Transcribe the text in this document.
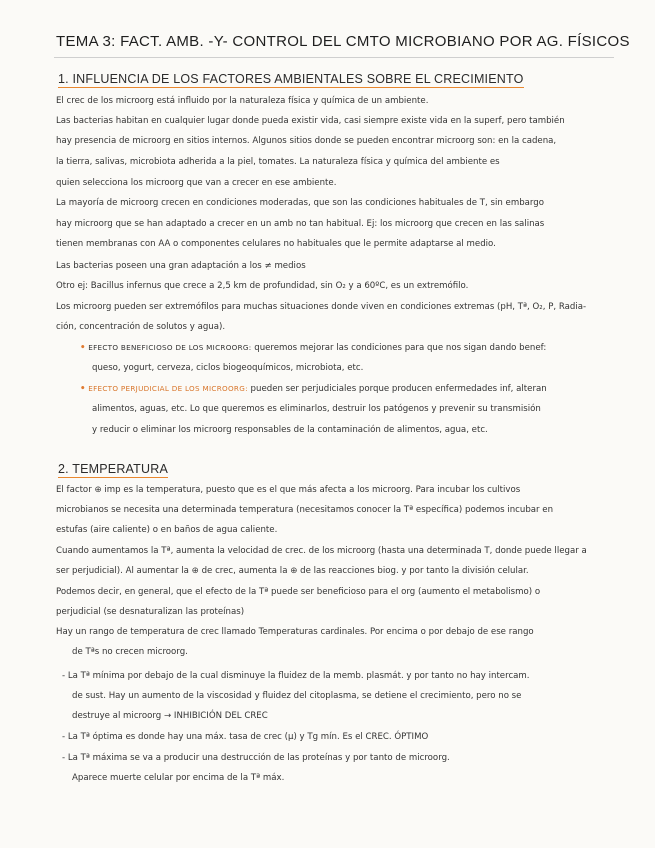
TEMA 3: FACT. AMB. -Y- CONTROL DEL CMTO MICROBIANO POR AG. FÍSICOS
1. INFLUENCIA DE LOS FACTORES AMBIENTALES SOBRE EL CRECIMIENTO
El crec de los microorg está influido por la naturaleza física y química de un ambiente.
Las bacterias habitan en cualquier lugar donde pueda existir vida, casi siempre existe vida en la superf, pero también
hay presencia de microorg en sitios internos. Algunos sitios donde se pueden encontrar microorg son: en la cadena,
la tierra, salivas, microbiota adherida a la piel, tomates. La naturaleza física y química del ambiente es
quien selecciona los microorg que van a crecer en ese ambiente.
La mayoría de microorg crecen en condiciones moderadas, que son las condiciones habituales de T, sin embargo
hay microorg que se han adaptado a crecer en un amb no tan habitual. Ej: los microorg que crecen en las salinas
tienen membranas con AA o componentes celulares no habituales que le permite adaptarse al medio.
Las bacterias poseen una gran adaptación a los ≠ medios
Otro ej: Bacillus infernus que crece a 2,5 km de profundidad, sin O₂ y a 60ºC, es un extremófilo.
Los microorg pueden ser extremófilos para muchas situaciones donde viven en condiciones extremas (pH, Tª, O₂, P, Radia-
ción, concentración de solutos y agua).
• EFECTO BENEFICIOSO DE LOS MICROORG: queremos mejorar las condiciones para que nos sigan dando benef:
queso, yogurt, cerveza, ciclos biogeoquímicos, microbiota, etc.
• EFECTO PERJUDICIAL DE LOS MICROORG: pueden ser perjudiciales porque producen enfermedades inf, alteran
alimentos, aguas, etc. Lo que queremos es eliminarlos, destruir los patógenos y prevenir su transmisión
y reducir o eliminar los microorg responsables de la contaminación de alimentos, agua, etc.
2. TEMPERATURA
El factor ⊕ imp es la temperatura, puesto que es el que más afecta a los microorg. Para incubar los cultivos
microbianos se necesita una determinada temperatura (necesitamos conocer la Tª específica) podemos incubar en
estufas (aire caliente) o en baños de agua caliente.
Cuando aumentamos la Tª, aumenta la velocidad de crec. de los microorg (hasta una determinada T, donde puede llegar a
ser perjudicial). Al aumentar la ⊕ de crec, aumenta la ⊕ de las reacciones biog. y por tanto la división celular.
Podemos decir, en general, que el efecto de la Tª puede ser beneficioso para el org (aumento el metabolismo) o
perjudicial (se desnaturalizan las proteínas)
Hay un rango de temperatura de crec llamado Temperaturas cardinales. Por encima o por debajo de ese rango
de Tªs no crecen microorg.
- La Tª mínima por debajo de la cual disminuye la fluidez de la memb. plasmát. y por tanto no hay intercam.
de sust. Hay un aumento de la viscosidad y fluidez del citoplasma, se detiene el crecimiento, pero no se
destruye al microorg → INHIBICIÓN DEL CREC
- La Tª óptima es donde hay una máx. tasa de crec (µ) y Tg mín. Es el CREC. ÓPTIMO
- La Tª máxima se va a producir una destrucción de las proteínas y por tanto de microorg.
Aparece muerte celular por encima de la Tª máx.
